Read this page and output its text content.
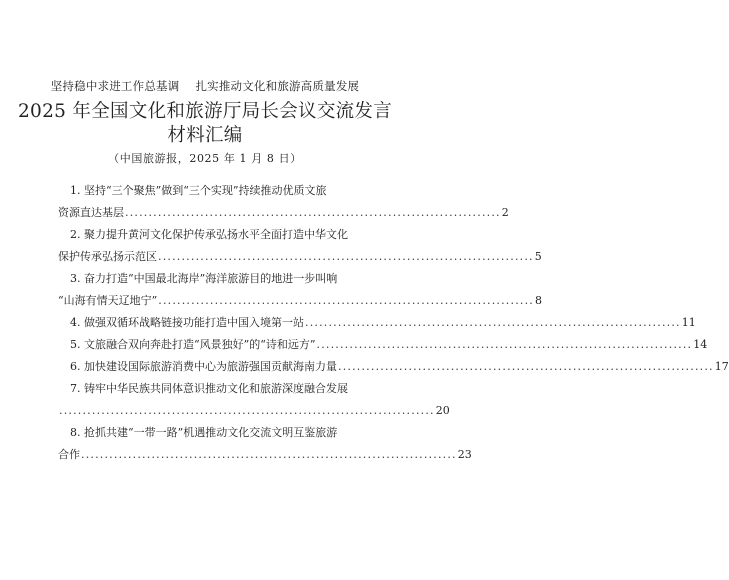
坚持稳中求进工作总基调 扎实推动文化和旅游高质量发展
2025 年全国文化和旅游厅局长会议交流发言
材料汇编
（中国旅游报，2025 年 1 月 8 日）
1. 坚持“三个聚焦”做到“三个实现”持续推动优质文旅
资源直达基层 ................................................................................ 2
2. 聚力提升黄河文化保护传承弘扬水平全面打造中华文化
保护传承弘扬示范区 ................................................................................ 5
3. 奋力打造“中国最北海岸”海洋旅游目的地进一步叫响
“山海有情天辽地宁” ................................................................................ 8
4. 做强双循环战略链接功能打造中国入境第一站 ................................................................................ 11
5. 文旅融合双向奔赴打造“风景独好”的“诗和远方” ................................................................................ 14
6. 加快建设国际旅游消费中心为旅游强国贡献海南力量 ................................................................................ 17
7. 铸牢中华民族共同体意识推动文化和旅游深度融合发展
................................................................................ 20
8. 抢抓共建“一带一路”机遇推动文化交流文明互鉴旅游
合作 ................................................................................ 23
